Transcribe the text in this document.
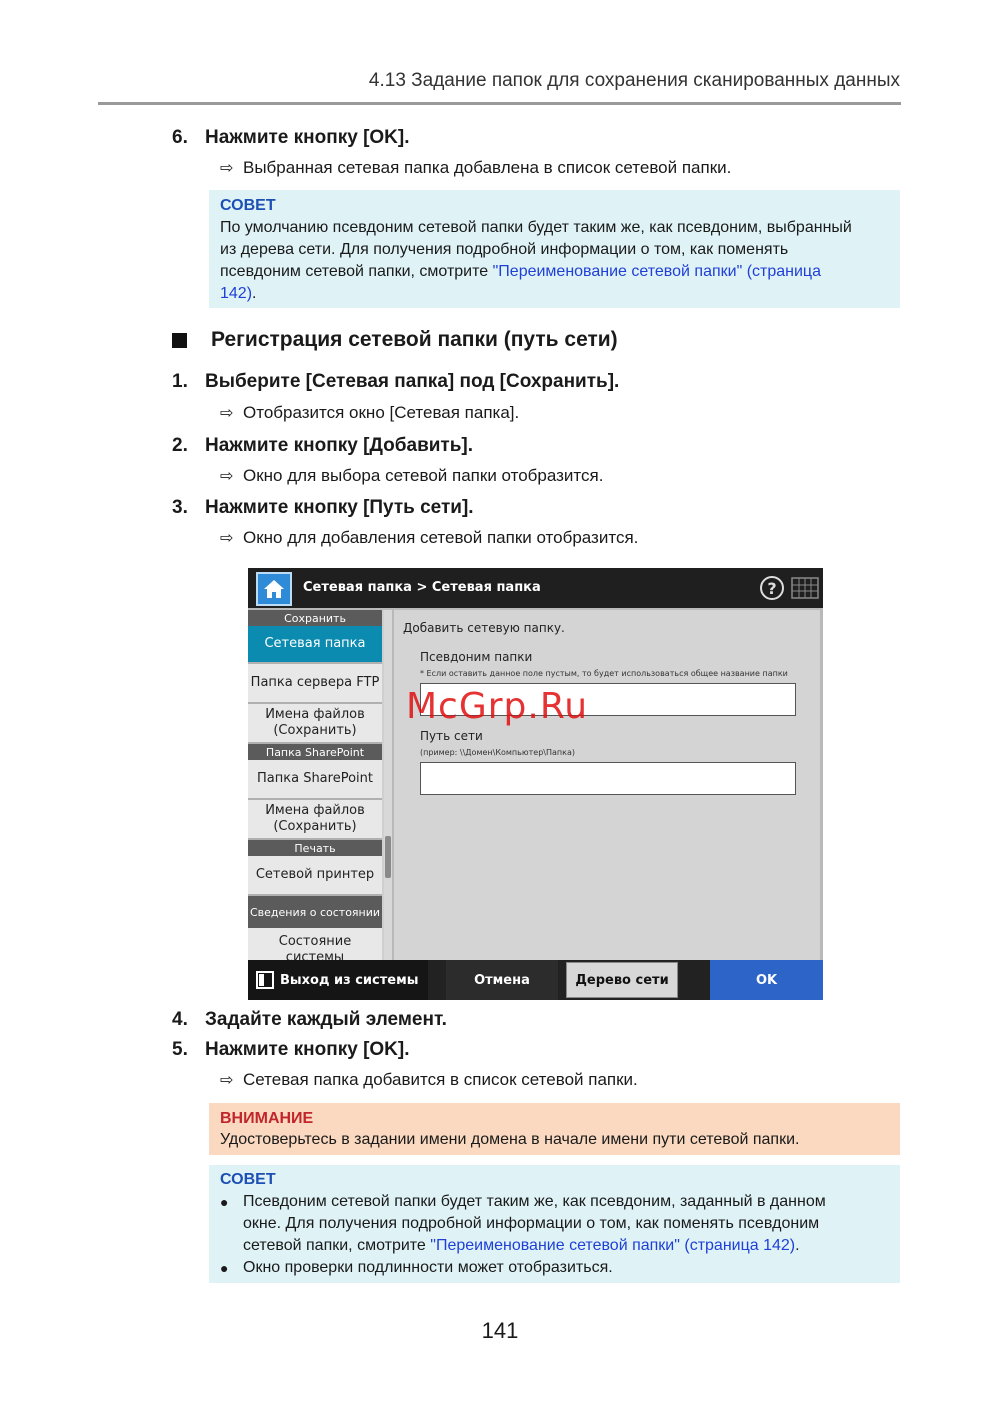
4.13 Задание папок для сохранения сканированных данных
6. Нажмите кнопку [OK].
⇨ Выбранная сетевая папка добавлена в список сетевой папки.
СОВЕТ
По умолчанию псевдоним сетевой папки будет таким же, как псевдоним, выбранный
из дерева сети. Для получения подробной информации о том, как поменять
псевдоним сетевой папки, смотрите "Переименование сетевой папки" (страница
142).
Регистрация сетевой папки (путь сети)
1. Выберите [Сетевая папка] под [Сохранить].
⇨ Отобразится окно [Сетевая папка].
2. Нажмите кнопку [Добавить].
⇨ Окно для выбора сетевой папки отобразится.
3. Нажмите кнопку [Путь сети].
⇨ Окно для добавления сетевой папки отобразится.
Сетевая папка > Сетевая папка	?
Сохранить
Сетевая папка
Папка сервера FTP
Имена файлов (Сохранить)
Папка SharePoint
Папка SharePoint
Имена файлов (Сохранить)
Печать
Сетевой принтер
Сведения о состоянии
Состояние системы
Добавить сетевую папку.
Псевдоним папки
* Если оставить данное поле пустым, то будет использоваться общее название папки
Путь сети
(пример: \\Домен\Компьютер\Папка)
Выход из системы	Отмена	Дерево сети	OK
McGrp.Ru
4. Задайте каждый элемент.
5. Нажмите кнопку [OK].
⇨ Сетевая папка добавится в список сетевой папки.
ВНИМАНИЕ
Удостоверьтесь в задании имени домена в начале имени пути сетевой папки.
СОВЕТ
● Псевдоним сетевой папки будет таким же, как псевдоним, заданный в данном
окне. Для получения подробной информации о том, как поменять псевдоним
сетевой папки, смотрите "Переименование сетевой папки" (страница 142).
● Окно проверки подлинности может отобразиться.
141
